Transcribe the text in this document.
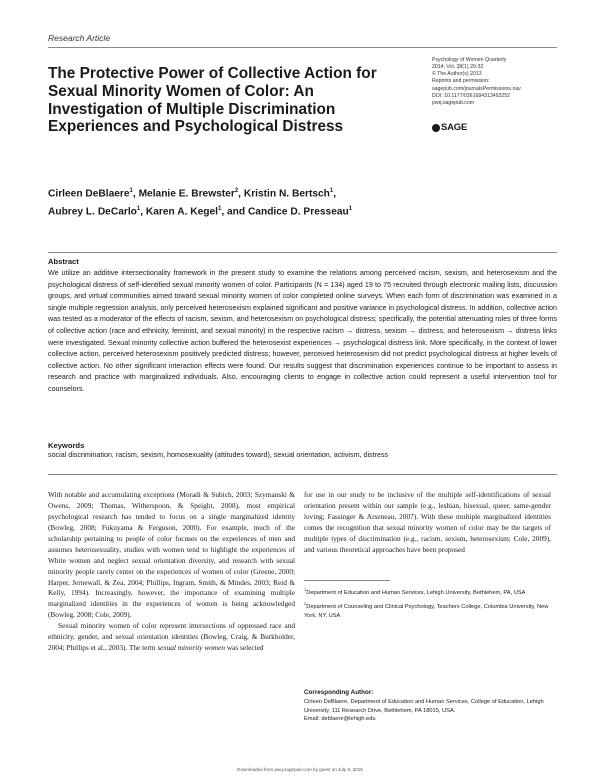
Research Article
The Protective Power of Collective Action for Sexual Minority Women of Color: An Investigation of Multiple Discrimination Experiences and Psychological Distress
Psychology of Women Quarterly
2014, Vol. 38(1) 20-32
© The Author(s) 2013
Reprints and permission:
sagepub.com/journalsPermissions.nav
DOI: 10.1177/0361684313493252
pwq.sagepub.com
SAGE
Cirleen DeBlaere$^1$, Melanie E. Brewster$^2$, Kristin N. Bertsch$^1$,
Aubrey L. DeCarlo$^1$, Karen A. Kegel$^1$, and Candice D. Presseau$^1$
Abstract
We utilize an additive intersectionality framework in the present study to examine the relations among perceived racism, sexism, and heterosexism and the psychological distress of self-identified sexual minority women of color. Participants (N = 134) aged 19 to 75 recruited through electronic mailing lists, discussion groups, and virtual communities aimed toward sexual minority women of color completed online surveys. When each form of discrimination was examined in a single multiple regression analysis, only perceived heterosexism explained significant and positive variance in psychological distress. In addition, collective action was tested as a moderator of the effects of racism, sexism, and heterosexism on psychological distress; specifically, the potential attenuating roles of three forms of collective action (race and ethnicity, feminist, and sexual minority) in the respective racism → distress, sexism → distress, and heterosexism → distress links were investigated. Sexual minority collective action buffered the heterosexist experiences → psychological distress link. More specifically, in the context of lower collective action, perceived heterosexism positively predicted distress; however, perceived heterosexism did not predict psychological distress at higher levels of collective action. No other significant interaction effects were found. Our results suggest that discrimination experiences continue to be important to assess in research and practice with marginalized individuals. Also, encouraging clients to engage in collective action could represent a useful intervention tool for counselors.
Keywords
social discrimination, racism, sexism, homosexuality (attitudes toward), sexual orientation, activism, distress

With notable and accumulating exceptions (Moradi & Subich, 2003; Szymanski & Owens, 2009; Thomas, Witherspoon, & Speight, 2008), most empirical psychological research has tended to focus on a single marginalized identity (Bowleg, 2008; Fukuyama & Ferguson, 2000). For example, much of the scholarship pertaining to people of color focuses on the experiences of men and assumes heterosexuality, studies with women tend to highlight the experiences of White women and neglect sexual orientation diversity, and research with sexual minority people rarely center on the experiences of women of color (Greene, 2000; Harper, Jernewall, & Zea, 2004; Phillips, Ingram, Smith, & Mindes, 2003; Reid & Kelly, 1994). Increasingly, however, the importance of examining multiple marginalized identities in the experiences of women is being acknowledged (Bowleg, 2008; Cole, 2009).

Sexual minority women of color represent intersections of oppressed race and ethnicity, gender, and sexual orientation identities (Bowleg, Craig, & Burkholder, 2004; Phillips et al., 2003). The term sexual minority women was selected

for use in our study to be inclusive of the multiple self-identifications of sexual orientation present within our sample (e.g., lesbian, bisexual, queer, same-gender loving; Fassinger & Arseneau, 2007). With these multiple marginalized identities comes the recognition that sexual minority women of color may be the targets of multiple types of discrimination (e.g., racism, sexism, heterosexism; Cole, 2009), and various theoretical approaches have been proposed

$^1$Department of Education and Human Services, Lehigh University, Bethlehem, PA, USA

$^2$Department of Counseling and Clinical Psychology, Teachers College, Columbia University, New York, NY, USA

Corresponding Author:

Cirleen DeBlaere, Department of Education and Human Services, College of Education, Lehigh University, 111 Research Drive, Bethlehem, PA 18015, USA.

Email: deblaere@lehigh.edu

Downloaded from pwq.sagepub.com by guest on July 6, 2015
